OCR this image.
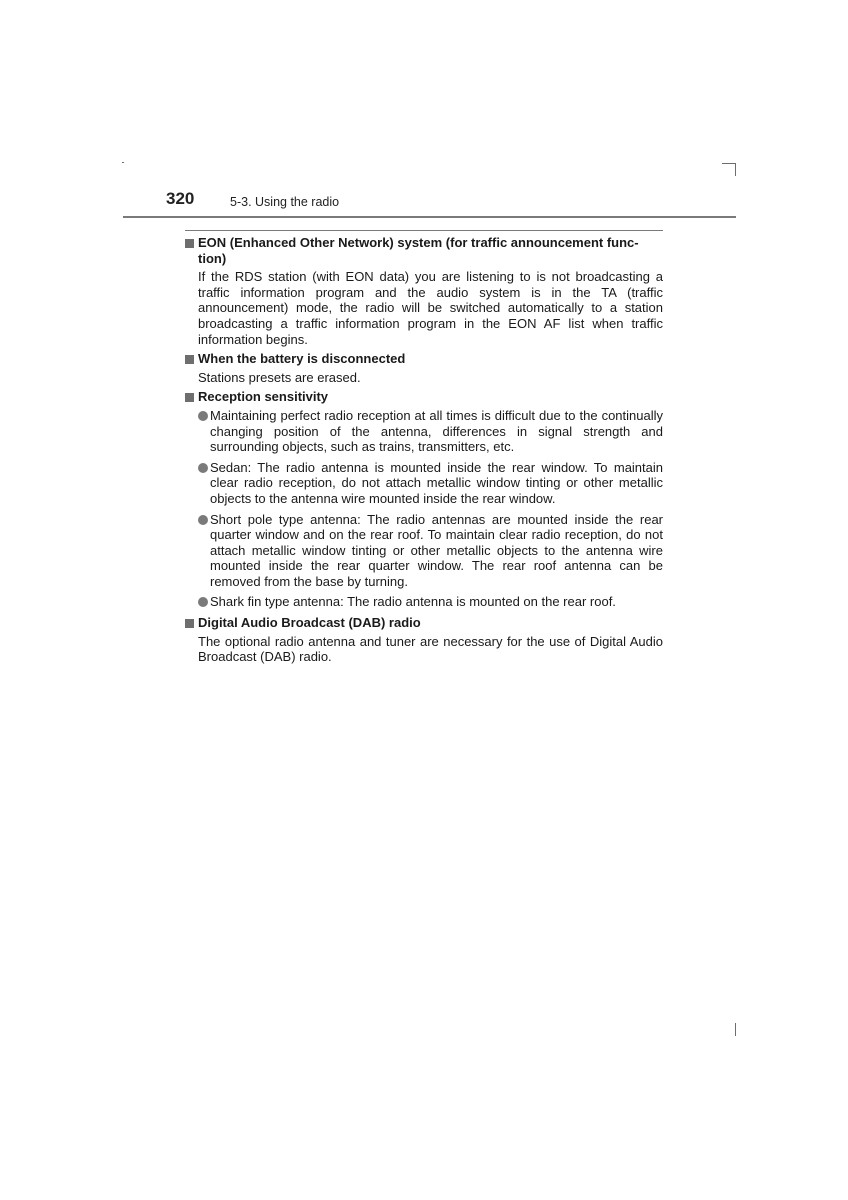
320	5-3. Using the radio
EON (Enhanced Other Network) system (for traffic announcement func-
tion)
If the RDS station (with EON data) you are listening to is not broadcasting a traffic information program and the audio system is in the TA (traffic announcement) mode, the radio will be switched automatically to a station broadcasting a traffic information program in the EON AF list when traffic information begins.
When the battery is disconnected
Stations presets are erased.
Reception sensitivity
Maintaining perfect radio reception at all times is difficult due to the continually changing position of the antenna, differences in signal strength and surrounding objects, such as trains, transmitters, etc.
Sedan: The radio antenna is mounted inside the rear window. To maintain clear radio reception, do not attach metallic window tinting or other metallic objects to the antenna wire mounted inside the rear window.
Short pole type antenna: The radio antennas are mounted inside the rear quarter window and on the rear roof. To maintain clear radio reception, do not attach metallic window tinting or other metallic objects to the antenna wire mounted inside the rear quarter window. The rear roof antenna can be removed from the base by turning.
Shark fin type antenna: The radio antenna is mounted on the rear roof.
Digital Audio Broadcast (DAB) radio
The optional radio antenna and tuner are necessary for the use of Digital Audio Broadcast (DAB) radio.
